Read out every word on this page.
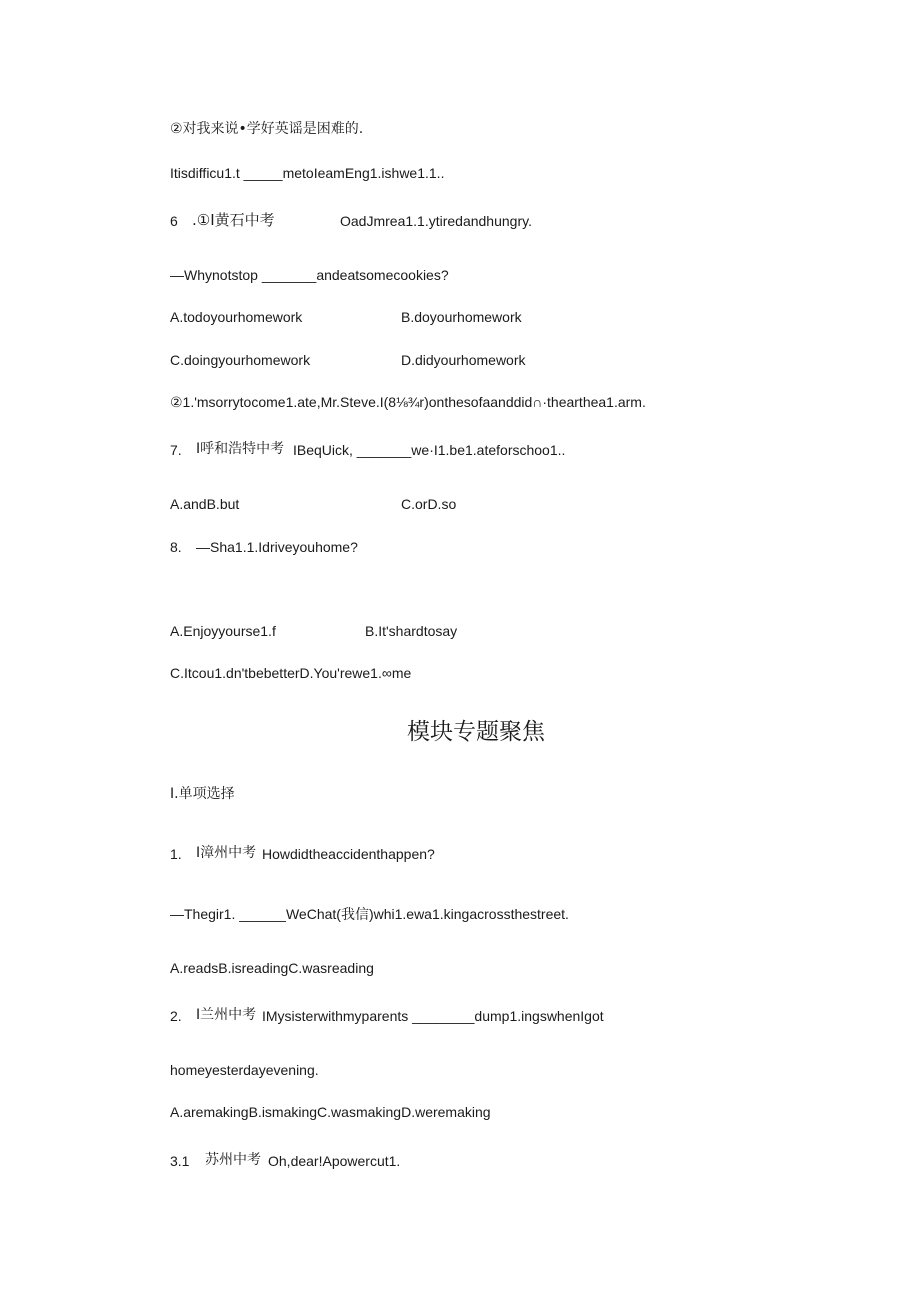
②对我来说•学好英谣是困难的.
Itisdifficu1.t _____metoIeamEng1.ishwe1.1..
6 .①I黄石中考	OadJmrea1.1.ytiredandhungry.
—Whynotstop _______andeatsomecookies?
A.todoyourhomework	B.doyourhomework
C.doingyourhomework	D.didyourhomework
②1.'msorrytocome1.ate,Mr.Steve.I(8⅛¾r)onthesofaanddid∩·theartheа1.arm.
7. I呼和浩特中考 IBeqUick, _______we·I1.be1.ateforschoo1..
A.andB.but	C.orD.so
8. —Sha1.1.Idriveyouhome?
A.Enjoyyourse1.f	B.It'shardtosay
C.Itcou1.dn'tbebetterD.You'rewe1.∞me
模块专题聚焦
I.单项选择
1. I漳州中考 Howdidtheaccidenthappen?
—Thegir1. ______WeChat(我信)whi1.ewa1.kingacrossthestreet.
A.readsB.isreadingC.wasreading
2. I兰州中考 IMysisterwithmyparents ________dump1.ingswhenIgot
homeyesterdayevening.
A.aremakingB.ismakingC.wasmakingD.weremaking
3.1 苏州中考 Oh,dear!Apowercut1.
